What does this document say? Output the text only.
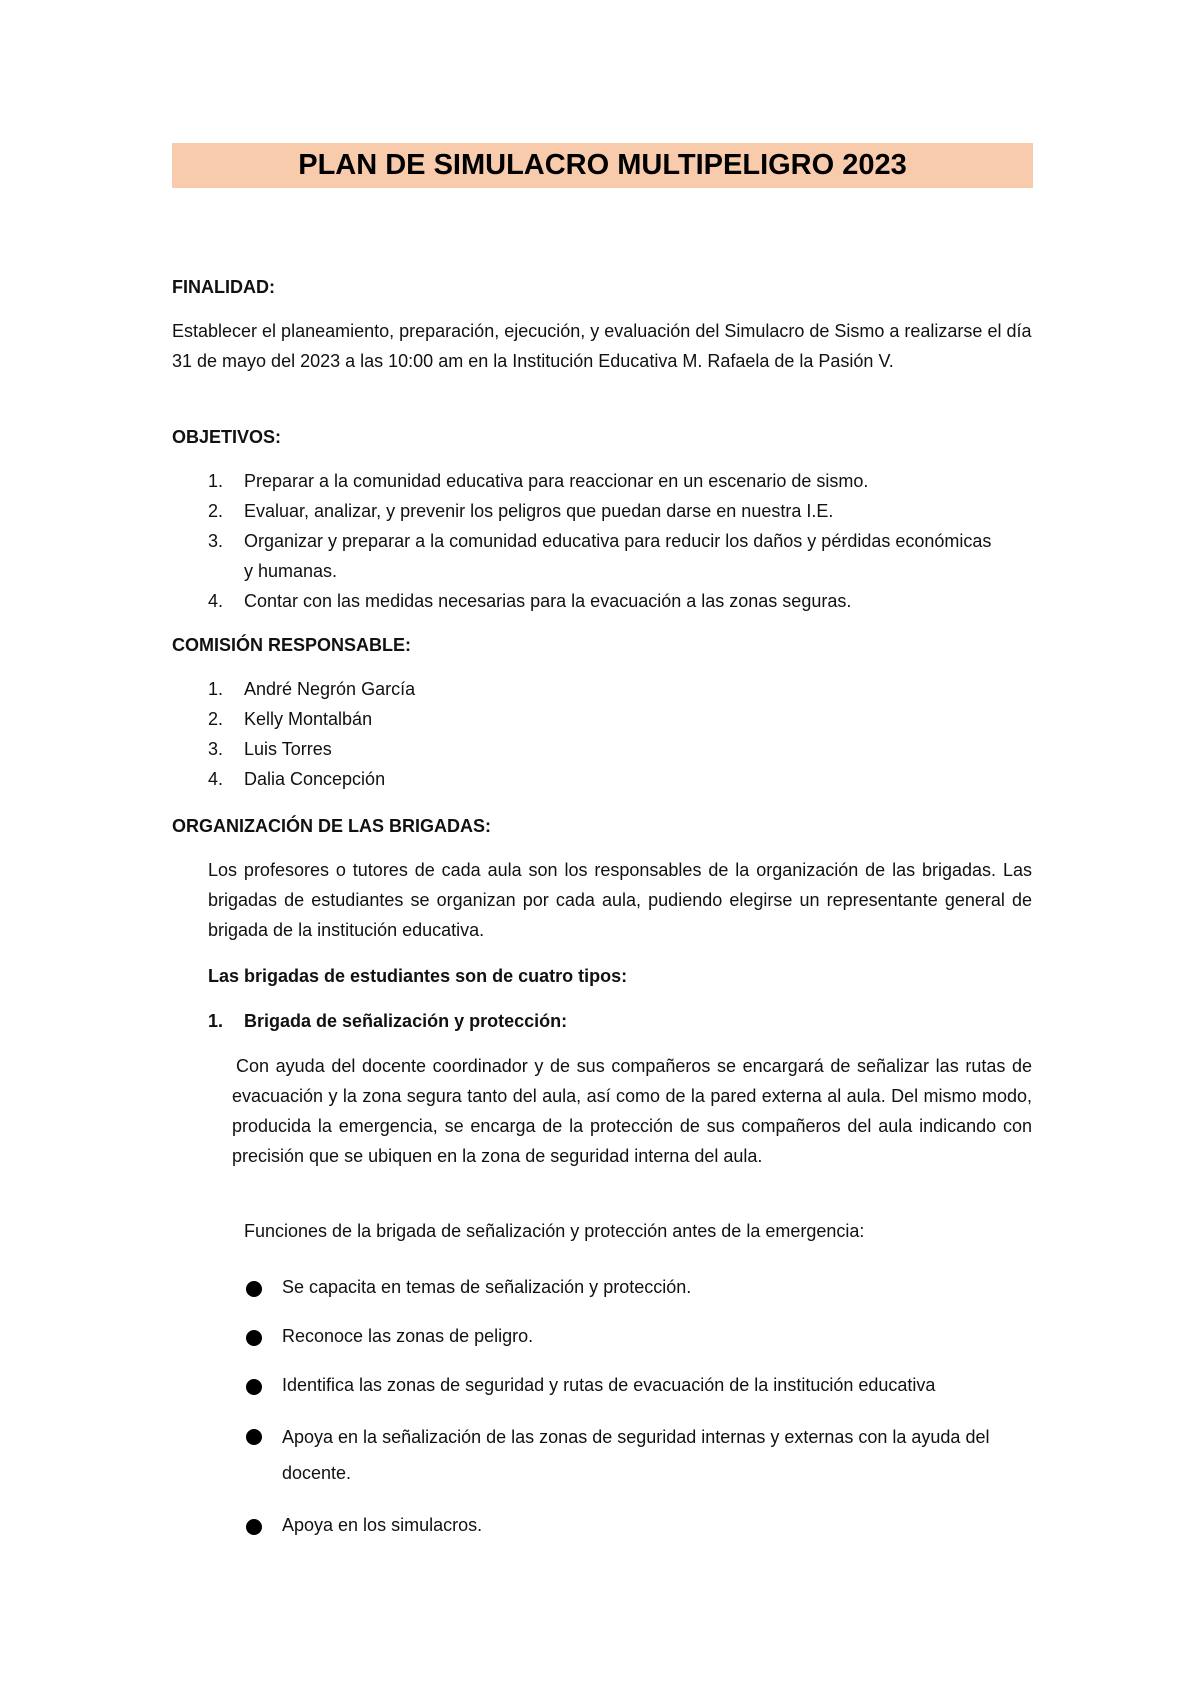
PLAN DE SIMULACRO MULTIPELIGRO 2023
FINALIDAD:
Establecer el planeamiento, preparación, ejecución, y evaluación del Simulacro de Sismo a realizarse el día 31 de mayo del 2023 a las 10:00 am en la Institución Educativa M. Rafaela de la Pasión V.
OBJETIVOS:
1. Preparar a la comunidad educativa para reaccionar en un escenario de sismo.
2. Evaluar, analizar, y prevenir los peligros que puedan darse en nuestra I.E.
3. Organizar y preparar a la comunidad educativa para reducir los daños y pérdidas económicas y humanas.
4. Contar con las medidas necesarias para la evacuación a las zonas seguras.
COMISIÓN RESPONSABLE:
1. André Negrón García
2. Kelly Montalbán
3. Luis Torres
4. Dalia Concepción
ORGANIZACIÓN DE LAS BRIGADAS:
Los profesores o tutores de cada aula son los responsables de la organización de las brigadas. Las brigadas de estudiantes se organizan por cada aula, pudiendo elegirse un representante general de brigada de la institución educativa.
Las brigadas de estudiantes son de cuatro tipos:
1. Brigada de señalización y protección:
Con ayuda del docente coordinador y de sus compañeros se encargará de señalizar las rutas de evacuación y la zona segura tanto del aula, así como de la pared externa al aula. Del mismo modo, producida la emergencia, se encarga de la protección de sus compañeros del aula indicando con precisión que se ubiquen en la zona de seguridad interna del aula.
Funciones de la brigada de señalización y protección antes de la emergencia:
Se capacita en temas de señalización y protección.
Reconoce las zonas de peligro.
Identifica las zonas de seguridad y rutas de evacuación de la institución educativa
Apoya en la señalización de las zonas de seguridad internas y externas con la ayuda del docente.
Apoya en los simulacros.
